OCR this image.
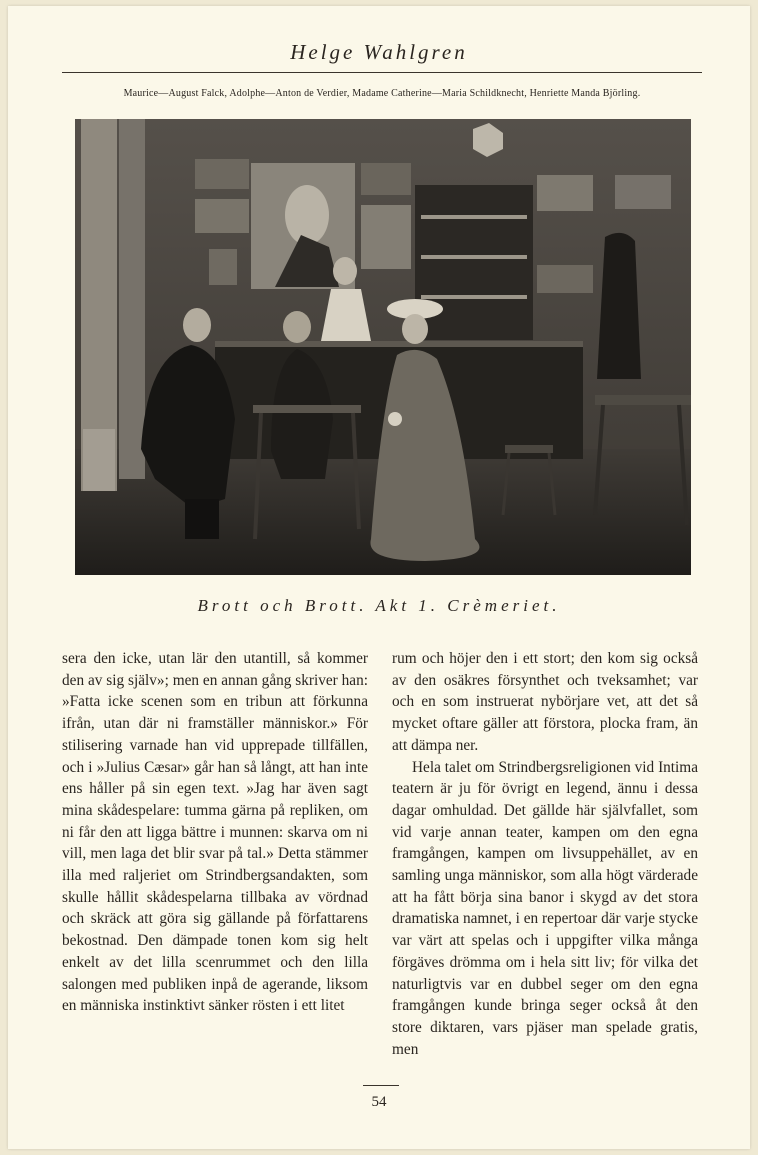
Helge Wahlgren
Maurice—August Falck, Adolphe—Anton de Verdier, Madame Catherine—Maria Schildknecht, Henriette Manda Björling.
Brott och Brott. Akt 1. Crèmeriet.

sera den icke, utan lär den utantill, så kommer den av sig själv»; men en annan gång skriver han: »Fatta icke scenen som en tribun att förkunna ifrån, utan där ni framställer människor.» För stilisering varnade han vid upprepade tillfällen, och i »Julius Cæsar» går han så långt, att han inte ens håller på sin egen text. »Jag har även sagt mina skådespelare: tumma gärna på repliken, om ni får den att ligga bättre i munnen: skarva om ni vill, men laga det blir svar på tal.» Detta stämmer illa med raljeriet om Strindbergsandakten, som skulle hållit skådespelarna tillbaka av vördnad och skräck att göra sig gällande på författarens bekostnad. Den dämpade tonen kom sig helt enkelt av det lilla scenrummet och den lilla salongen med publiken inpå de agerande, liksom en människa instinktivt sänker rösten i ett litet

rum och höjer den i ett stort; den kom sig också av den osäkres försynthet och tveksamhet; var och en som instruerat nybörjare vet, att det så mycket oftare gäller att förstora, plocka fram, än att dämpa ner.

Hela talet om Strindbergsreligionen vid Intima teatern är ju för övrigt en legend, ännu i dessa dagar omhuldad. Det gällde här självfallet, som vid varje annan teater, kampen om den egna framgången, kampen om livsuppehället, av en samling unga människor, som alla högt värderade att ha fått börja sina banor i skygd av det stora dramatiska namnet, i en repertoar där varje stycke var värt att spelas och i uppgifter vilka många förgäves drömma om i hela sitt liv; för vilka det naturligtvis var en dubbel seger om den egna framgången kunde bringa seger också åt den store diktaren, vars pjäser man spelade gratis, men

54
